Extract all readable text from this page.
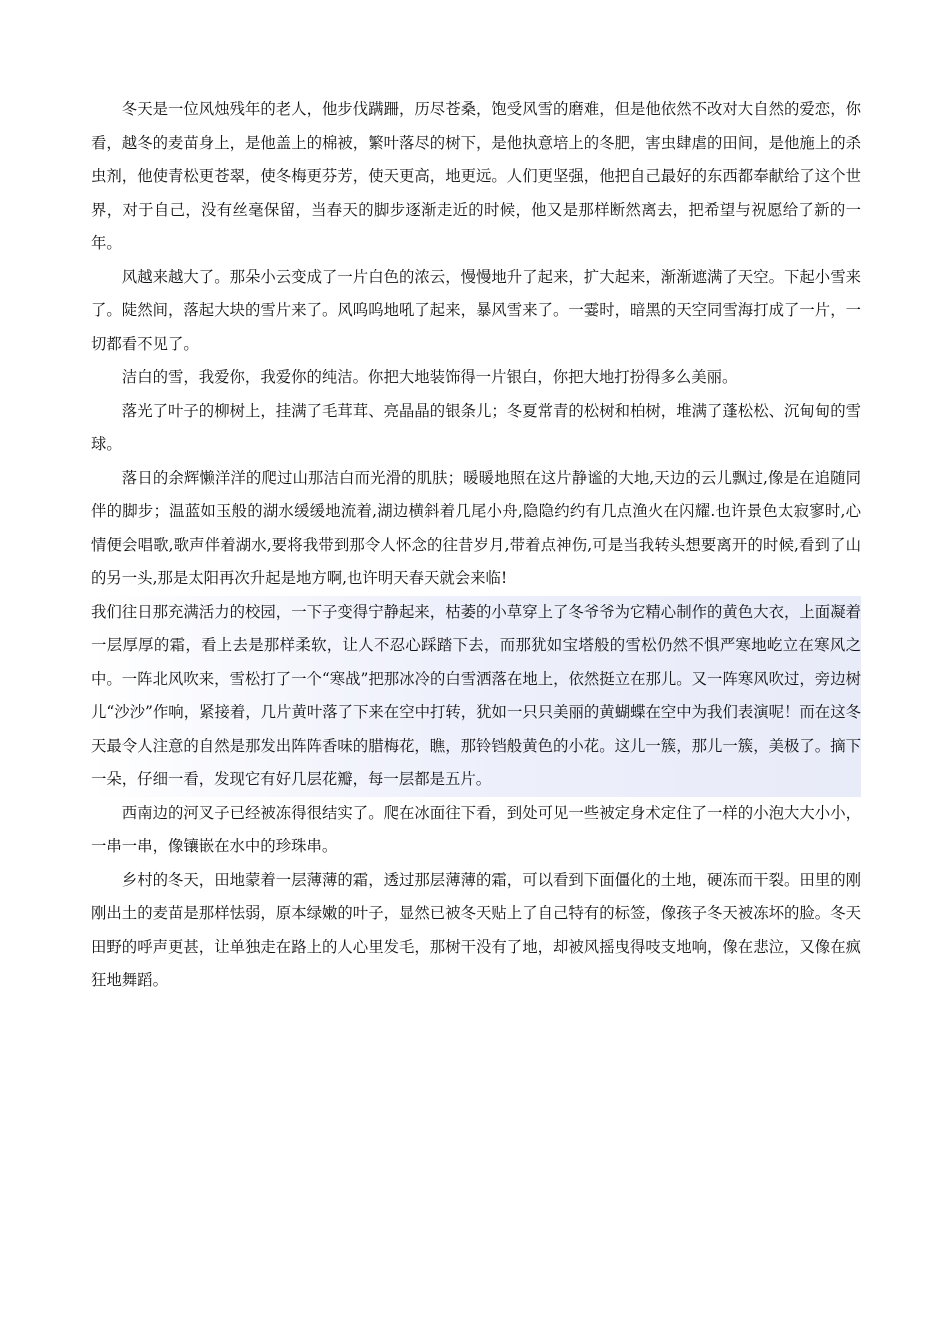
冬天是一位风烛残年的老人，他步伐蹒跚，历尽苍桑，饱受风雪的磨难，但是他依然不改对大自然的爱恋，你看，越冬的麦苗身上，是他盖上的棉被，繁叶落尽的树下，是他执意培上的冬肥，害虫肆虐的田间，是他施上的杀虫剂，他使青松更苍翠，使冬梅更芬芳，使天更高，地更远。人们更坚强，他把自己最好的东西都奉献给了这个世界，对于自己，没有丝毫保留，当春天的脚步逐渐走近的时候，他又是那样断然离去，把希望与祝愿给了新的一年。

风越来越大了。那朵小云变成了一片白色的浓云，慢慢地升了起来，扩大起来，渐渐遮满了天空。下起小雪来了。陡然间，落起大块的雪片来了。风呜呜地吼了起来，暴风雪来了。一霎时，暗黑的天空同雪海打成了一片，一切都看不见了。

洁白的雪，我爱你，我爱你的纯洁。你把大地装饰得一片银白，你把大地打扮得多么美丽。

落光了叶子的柳树上，挂满了毛茸茸、亮晶晶的银条儿；冬夏常青的松树和柏树，堆满了蓬松松、沉甸甸的雪球。

落日的余辉懒洋洋的爬过山那洁白而光滑的肌肤；暖暖地照在这片静谧的大地,天边的云儿飘过,像是在追随同伴的脚步；温蓝如玉般的湖水缓缓地流着,湖边横斜着几尾小舟,隐隐约约有几点渔火在闪耀.也许景色太寂寥时,心情便会唱歌,歌声伴着湖水,要将我带到那令人怀念的往昔岁月,带着点神伤,可是当我转头想要离开的时候,看到了山的另一头,那是太阳再次升起是地方啊,也许明天春天就会来临!

我们往日那充满活力的校园，一下子变得宁静起来，枯萎的小草穿上了冬爷爷为它精心制作的黄色大衣，上面凝着一层厚厚的霜，看上去是那样柔软，让人不忍心踩踏下去，而那犹如宝塔般的雪松仍然不惧严寒地屹立在寒风之中。一阵北风吹来，雪松打了一个“寒战”把那冰冷的白雪洒落在地上，依然挺立在那儿。又一阵寒风吹过，旁边树儿“沙沙”作响，紧接着，几片黄叶落了下来在空中打转，犹如一只只美丽的黄蝴蝶在空中为我们表演呢！而在这冬天最令人注意的自然是那发出阵阵香味的腊梅花，瞧，那铃铛般黄色的小花。这儿一簇，那儿一簇，美极了。摘下一朵，仔细一看，发现它有好几层花瓣，每一层都是五片。

西南边的河叉子已经被冻得很结实了。爬在冰面往下看，到处可见一些被定身术定住了一样的小泡大大小小，一串一串，像镶嵌在水中的珍珠串。

乡村的冬天，田地蒙着一层薄薄的霜，透过那层薄薄的霜，可以看到下面僵化的土地，硬冻而干裂。田里的刚刚出土的麦苗是那样怯弱，原本绿嫩的叶子，显然已被冬天贴上了自己特有的标签，像孩子冬天被冻坏的脸。冬天田野的呼声更甚，让单独走在路上的人心里发毛，那树干没有了地，却被风摇曳得吱支地响，像在悲泣，又像在疯狂地舞蹈。
